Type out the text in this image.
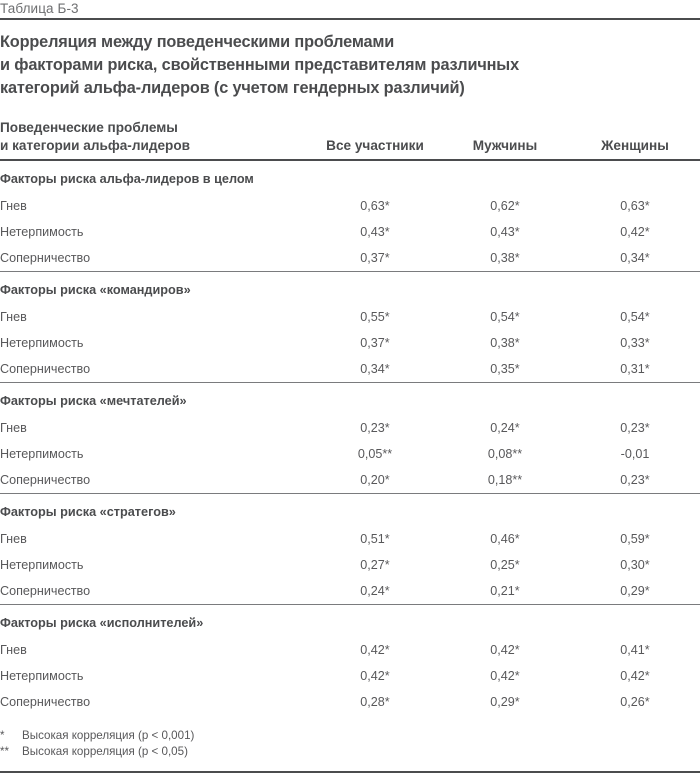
Таблица Б-3
Корреляция между поведенческими проблемами
и факторами риска, свойственными представителям различных
категорий альфа-лидеров (с учетом гендерных различий)
Поведенческие проблемы
и категории альфа-лидеров	Все участники	Мужчины	Женщины
Факторы риска альфа-лидеров в целом			
Гнев	0,63*	0,62*	0,63*
Нетерпимость	0,43*	0,43*	0,42*
Соперничество	0,37*	0,38*	0,34*

Факторы риска «командиров»			
Гнев	0,55*	0,54*	0,54*
Нетерпимость	0,37*	0,38*	0,33*
Соперничество	0,34*	0,35*	0,31*

Факторы риска «мечтателей»			
Гнев	0,23*	0,24*	0,23*
Нетерпимость	0,05**	0,08**	-0,01
Соперничество	0,20*	0,18**	0,23*

Факторы риска «стратегов»			
Гнев	0,51*	0,46*	0,59*
Нетерпимость	0,27*	0,25*	0,30*
Соперничество	0,24*	0,21*	0,29*

Факторы риска «исполнителей»			
Гнев	0,42*	0,42*	0,41*
Нетерпимость	0,42*	0,42*	0,42*
Соперничество	0,28*	0,29*	0,26*
*	Высокая корреляция (p < 0,001)
**	Высокая корреляция (p < 0,05)
